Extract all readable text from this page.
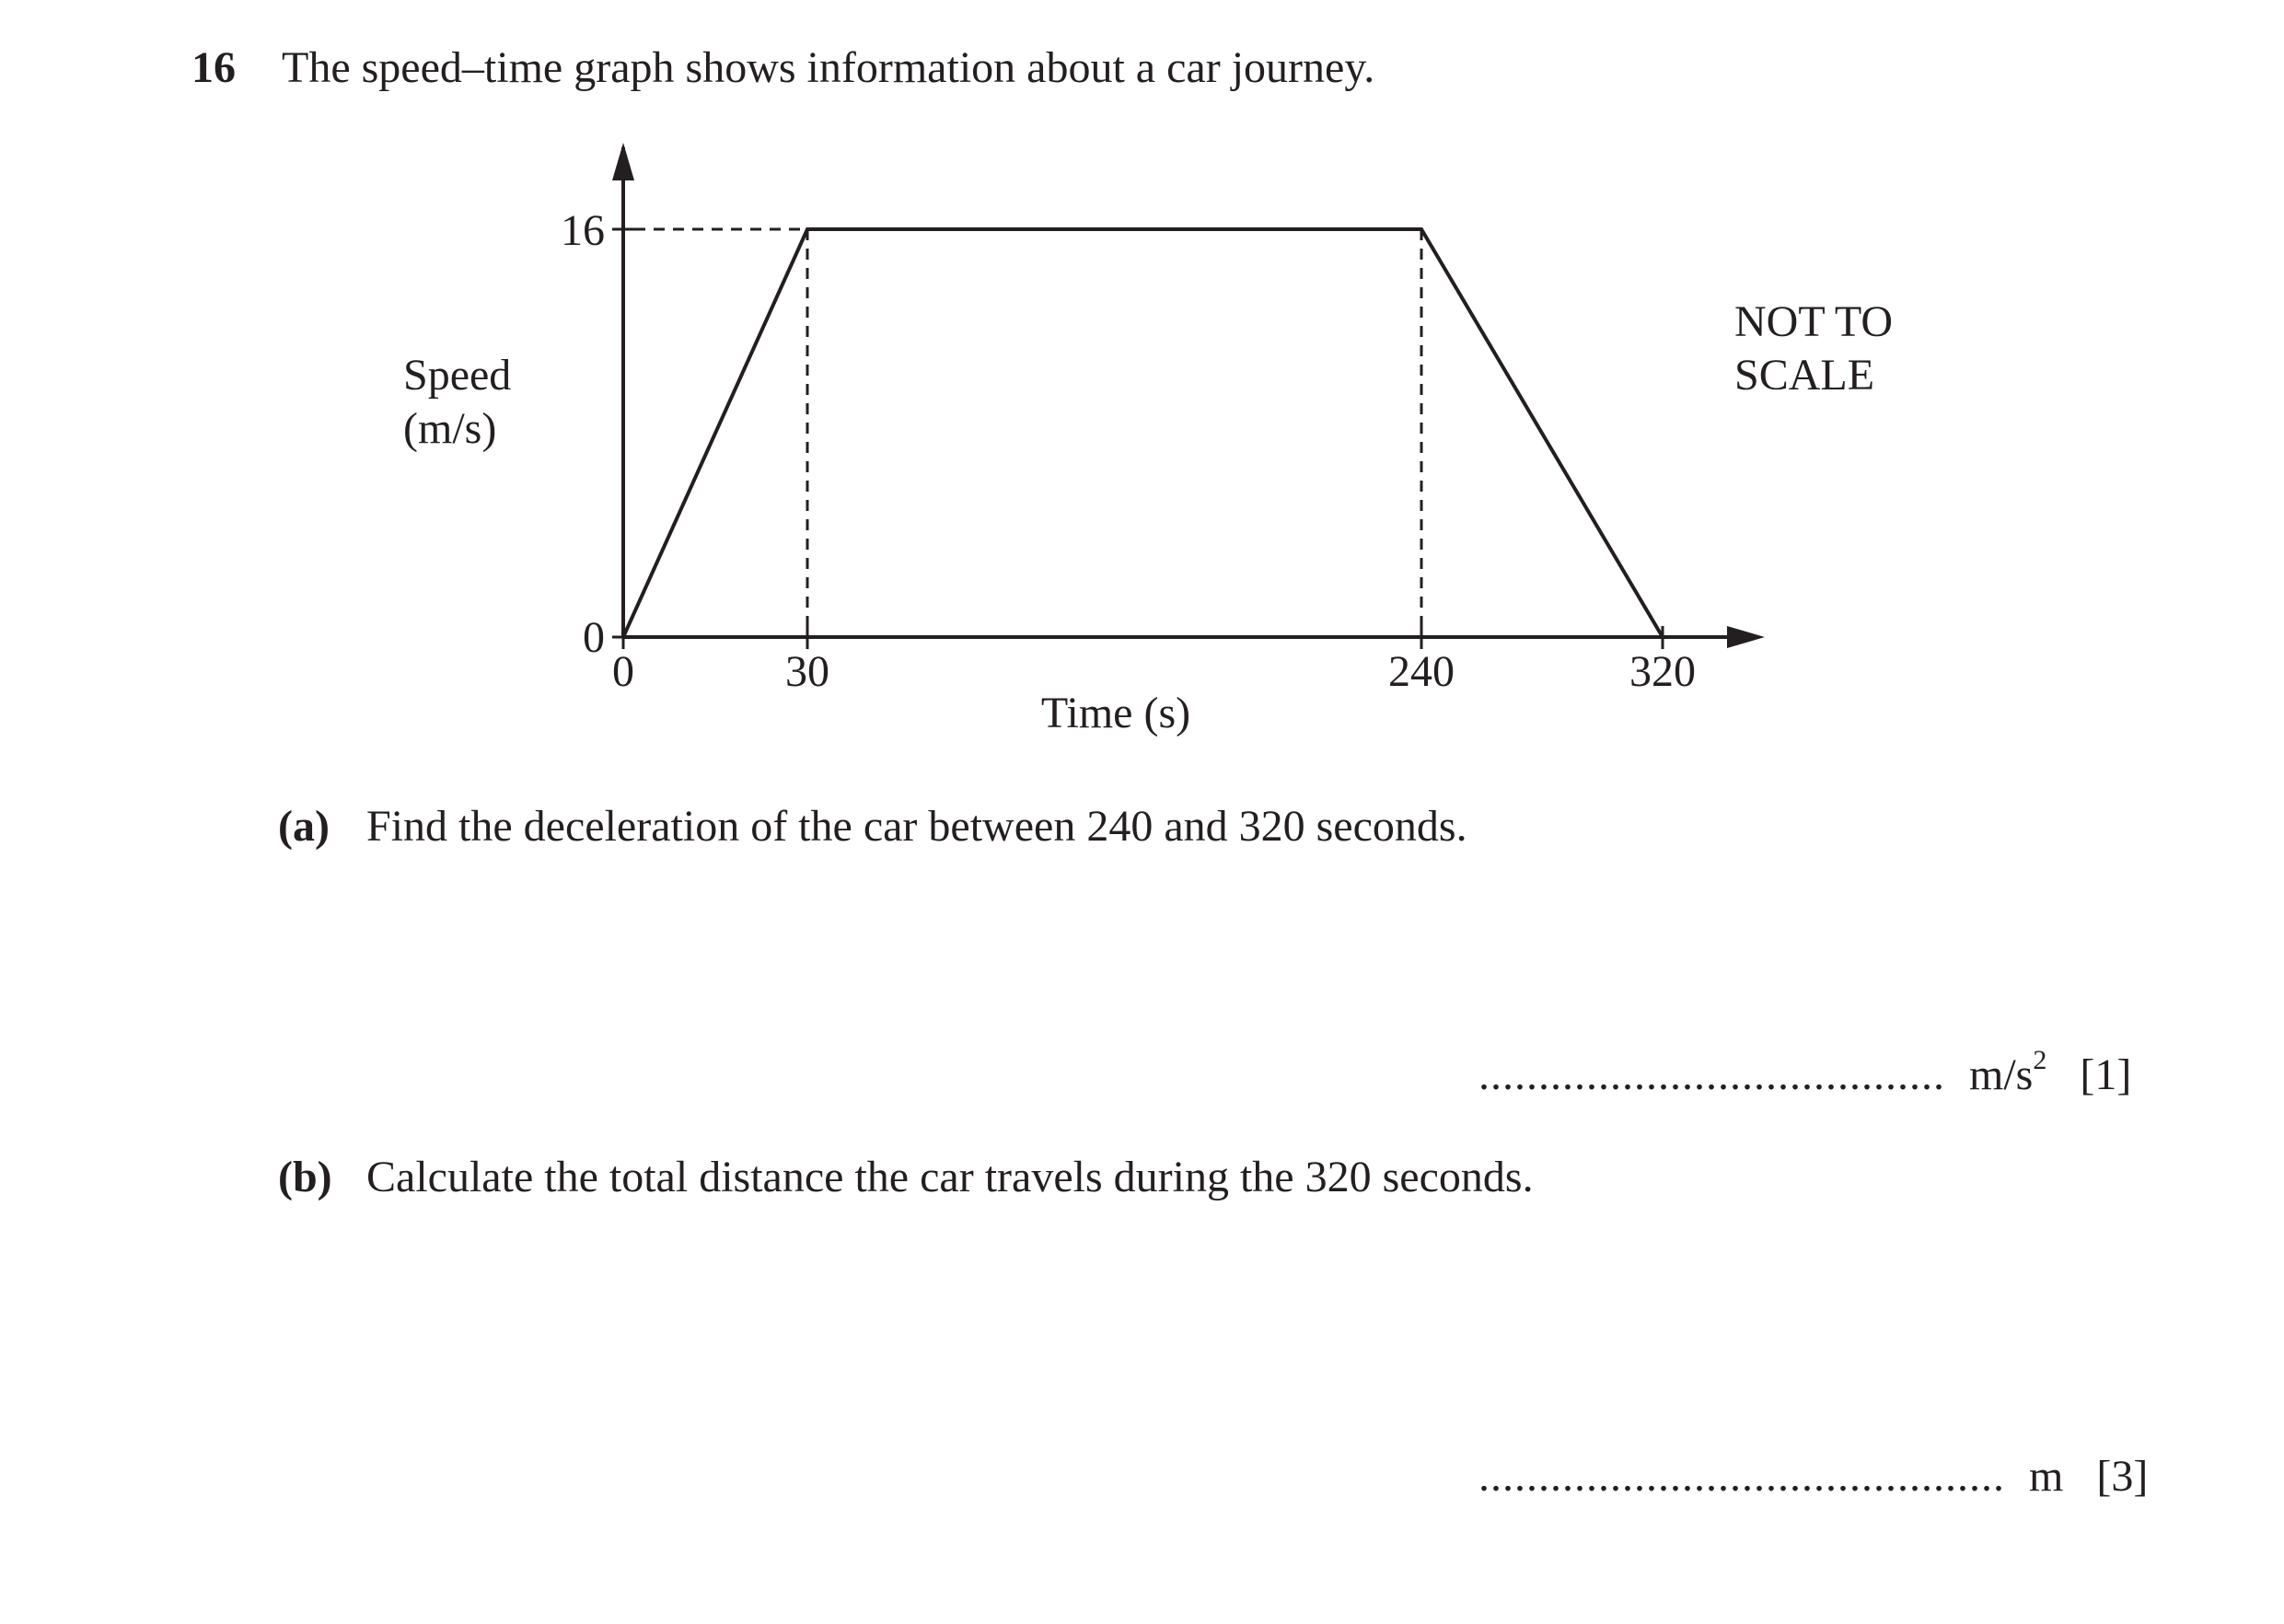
16 The speed–time graph shows information about a car journey.
16
0
0	30	240	320
Speed
(m/s)
Time (s)
NOT TO
SCALE
(a) Find the deceleration of the car between 240 and 320 seconds.
....................................... $m/s^2$ [1]
(b) Calculate the total distance the car travels during the 320 seconds.
............................................ m [3]
